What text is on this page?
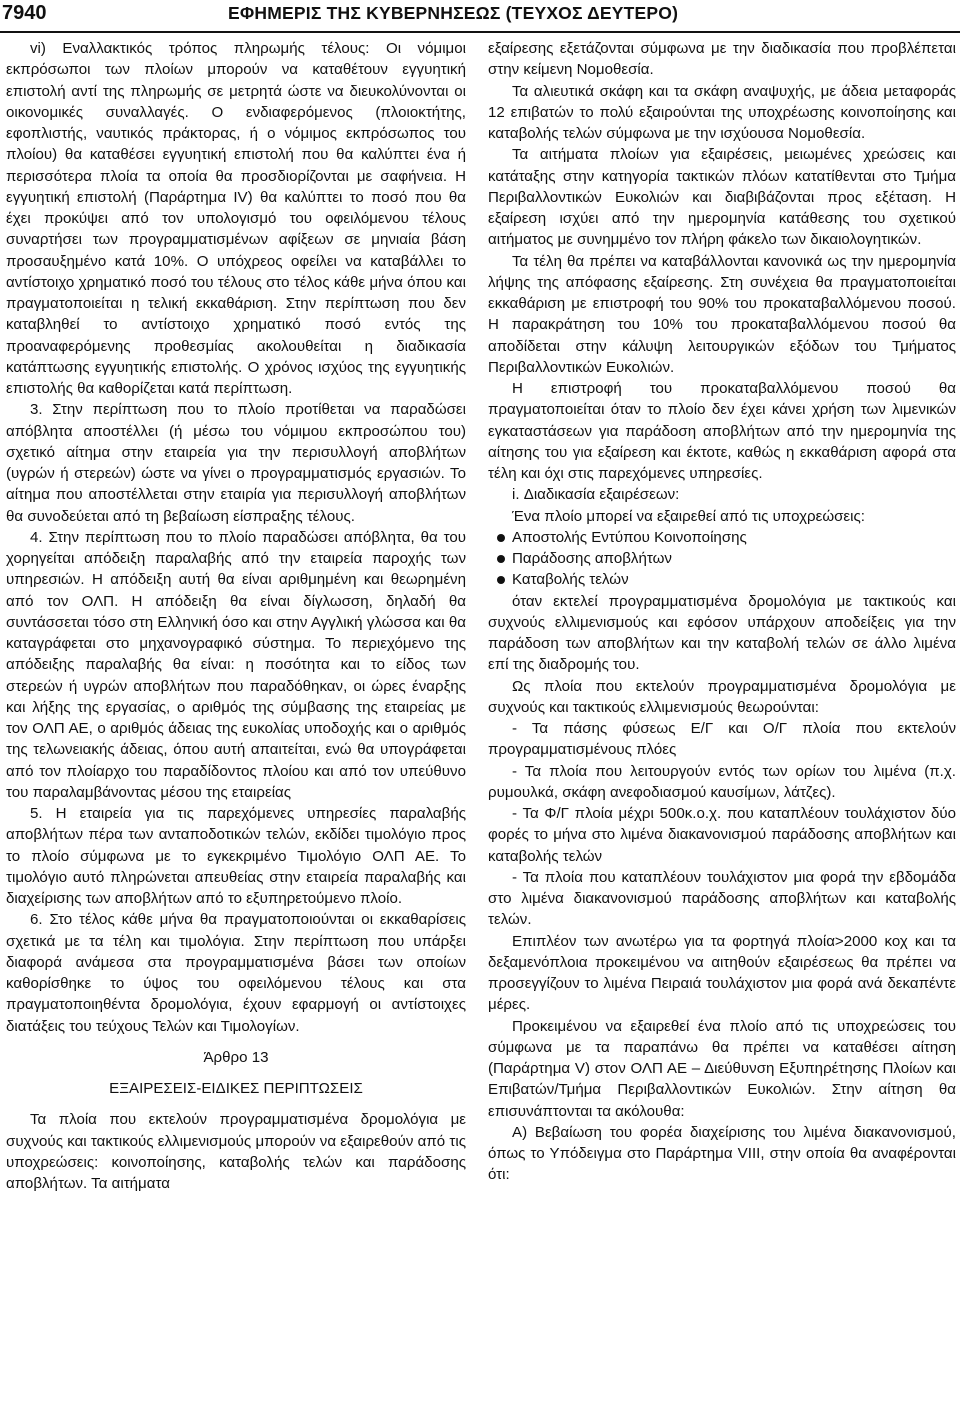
7940	ΕΦΗΜΕΡΙΣ ΤΗΣ ΚΥΒΕΡΝΗΣΕΩΣ (ΤΕΥΧΟΣ ΔΕΥΤΕΡΟ)

vi) Εναλλακτικός τρόπος πληρωμής τέλους: Οι νόμιμοι εκπρόσωποι των πλοίων μπορούν να καταθέτουν εγγυητική επιστολή αντί της πληρωμής σε μετρητά ώστε να διευκολύνονται οι οικονομικές συναλλαγές. Ο ενδιαφερόμενος (πλοιοκτήτης, εφοπλιστής, ναυτικός πράκτορας, ή ο νόμιμος εκπρόσωπος του πλοίου) θα καταθέσει εγγυητική επιστολή που θα καλύπτει ένα ή περισσότερα πλοία τα οποία θα προσδιορίζονται με σαφήνεια. Η εγγυητική επιστολή (Παράρτημα IV) θα καλύπτει το ποσό που θα έχει προκύψει από τον υπολογισμό του οφειλόμενου τέλους συναρτήσει των προγραμματισμένων αφίξεων σε μηνιαία βάση προσαυξημένο κατά 10%. Ο υπόχρεος οφείλει να καταβάλλει το αντίστοιχο χρηματικό ποσό του τέλους στο τέλος κάθε μήνα όπου και πραγματοποιείται η τελική εκκαθάριση. Στην περίπτωση που δεν καταβληθεί το αντίστοιχο χρηματικό ποσό εντός της προαναφερόμενης προθεσμίας ακολουθείται η διαδικασία κατάπτωσης εγγυητικής επιστολής. Ο χρόνος ισχύος της εγγυητικής επιστολής θα καθορίζεται κατά περίπτωση.

3. Στην περίπτωση που το πλοίο προτίθεται να παραδώσει απόβλητα αποστέλλει (ή μέσω του νόμιμου εκπροσώπου του) σχετικό αίτημα στην εταιρεία για την περισυλλογή αποβλήτων (υγρών ή στερεών) ώστε να γίνει ο προγραμματισμός εργασιών. Το αίτημα που αποστέλλεται στην εταιρία για περισυλλογή αποβλήτων θα συνοδεύεται από τη βεβαίωση είσπραξης τέλους.

4. Στην περίπτωση που το πλοίο παραδώσει απόβλητα, θα του χορηγείται απόδειξη παραλαβής από την εταιρεία παροχής των υπηρεσιών. Η απόδειξη αυτή θα είναι αριθμημένη και θεωρημένη από τον ΟΛΠ. Η απόδειξη θα είναι δίγλωσση, δηλαδή θα συντάσσεται τόσο στη Ελληνική όσο και στην Αγγλική γλώσσα και θα καταγράφεται στο μηχανογραφικό σύστημα. Το περιεχόμενο της απόδειξης παραλαβής θα είναι: η ποσότητα και το είδος των στερεών ή υγρών αποβλήτων που παραδόθηκαν, οι ώρες έναρξης και λήξης της εργασίας, ο αριθμός της σύμβασης της εταιρείας με τον ΟΛΠ ΑΕ, ο αριθμός άδειας της ευκολίας υποδοχής και ο αριθμός της τελωνειακής άδειας, όπου αυτή απαιτείται, ενώ θα υπογράφεται από τον πλοίαρχο του παραδίδοντος πλοίου και από τον υπεύθυνο του παραλαμβάνοντας μέσου της εταιρείας

5. Η εταιρεία για τις παρεχόμενες υπηρεσίες παραλαβής αποβλήτων πέρα των ανταποδοτικών τελών, εκδίδει τιμολόγιο προς το πλοίο σύμφωνα με το εγκεκριμένο Τιμολόγιο ΟΛΠ ΑΕ. Το τιμολόγιο αυτό πληρώνεται απευθείας στην εταιρεία παραλαβής και διαχείρισης των αποβλήτων από το εξυπηρετούμενο πλοίο.

6. Στο τέλος κάθε μήνα θα πραγματοποιούνται οι εκκαθαρίσεις σχετικά με τα τέλη και τιμολόγια. Στην περίπτωση που υπάρξει διαφορά ανάμεσα στα προγραμματισμένα βάσει των οποίων καθορίσθηκε το ύψος του οφειλόμενου τέλους και στα πραγματοποιηθέντα δρομολόγια, έχουν εφαρμογή οι αντίστοιχες διατάξεις του τεύχους Τελών και Τιμολογίων.

Άρθρο 13

ΕΞΑΙΡΕΣΕΙΣ-ΕΙΔΙΚΕΣ ΠΕΡΙΠΤΩΣΕΙΣ

Τα πλοία που εκτελούν προγραμματισμένα δρομολόγια με συχνούς και τακτικούς ελλιμενισμούς μπορούν να εξαιρεθούν από τις υποχρεώσεις: κοινοποίησης, καταβολής τελών και παράδοσης αποβλήτων. Τα αιτήματα

εξαίρεσης εξετάζονται σύμφωνα με την διαδικασία που προβλέπεται στην κείμενη Νομοθεσία.

Τα αλιευτικά σκάφη και τα σκάφη αναψυχής, με άδεια μεταφοράς 12 επιβατών το πολύ εξαιρούνται της υποχρέωσης κοινοποίησης και καταβολής τελών σύμφωνα με την ισχύουσα Νομοθεσία.

Τα αιτήματα πλοίων για εξαιρέσεις, μειωμένες χρεώσεις και κατάταξης στην κατηγορία τακτικών πλόων κατατίθενται στο Τμήμα Περιβαλλοντικών Ευκολιών και διαβιβάζονται προς εξέταση. Η εξαίρεση ισχύει από την ημερομηνία κατάθεσης του σχετικού αιτήματος με συνημμένο τον πλήρη φάκελο των δικαιολογητικών.

Τα τέλη θα πρέπει να καταβάλλονται κανονικά ως την ημερομηνία λήψης της απόφασης εξαίρεσης. Στη συνέχεια θα πραγματοποιείται εκκαθάριση με επιστροφή του 90% του προκαταβαλλόμενου ποσού. Η παρακράτηση του 10% του προκαταβαλλόμενου ποσού θα αποδίδεται στην κάλυψη λειτουργικών εξόδων του Τμήματος Περιβαλλοντικών Ευκολιών.

Η επιστροφή του προκαταβαλλόμενου ποσού θα πραγματοποιείται όταν το πλοίο δεν έχει κάνει χρήση των λιμενικών εγκαταστάσεων για παράδοση αποβλήτων από την ημερομηνία της αίτησης του για εξαίρεση και έκτοτε, καθώς η εκκαθάριση αφορά στα τέλη και όχι στις παρεχόμενες υπηρεσίες.

i. Διαδικασία εξαιρέσεων:

Ένα πλοίο μπορεί να εξαιρεθεί από τις υποχρεώσεις:

Αποστολής Εντύπου Κοινοποίησης
Παράδοσης αποβλήτων
Καταβολής τελών

όταν εκτελεί προγραμματισμένα δρομολόγια με τακτικούς και συχνούς ελλιμενισμούς και εφόσον υπάρχουν αποδείξεις για την παράδοση των αποβλήτων και την καταβολή τελών σε άλλο λιμένα επί της διαδρομής του.

Ως πλοία που εκτελούν προγραμματισμένα δρομολόγια με συχνούς και τακτικούς ελλιμενισμούς θεωρούνται:

- Τα πάσης φύσεως Ε/Γ και Ο/Γ πλοία που εκτελούν προγραμματισμένους πλόες

- Τα πλοία που λειτουργούν εντός των ορίων του λιμένα (π.χ. ρυμουλκά, σκάφη ανεφοδιασμού καυσίμων, λάτζες).

- Τα Φ/Γ πλοία μέχρι 500κ.ο.χ. που καταπλέουν τουλάχιστον δύο φορές το μήνα στο λιμένα διακανονισμού παράδοσης αποβλήτων και καταβολής τελών

- Τα πλοία που καταπλέουν τουλάχιστον μια φορά την εβδομάδα στο λιμένα διακανονισμού παράδοσης αποβλήτων και καταβολής τελών.

Επιπλέον των ανωτέρω για τα φορτηγά πλοία>2000 κοχ και τα δεξαμενόπλοια προκειμένου να αιτηθούν εξαιρέσεως θα πρέπει να προσεγγίζουν το λιμένα Πειραιά τουλάχιστον μια φορά ανά δεκαπέντε μέρες.

Προκειμένου να εξαιρεθεί ένα πλοίο από τις υποχρεώσεις του σύμφωνα με τα παραπάνω θα πρέπει να καταθέσει αίτηση (Παράρτημα V) στον ΟΛΠ ΑΕ – Διεύθυνση Εξυπηρέτησης Πλοίων και Επιβατών/Τμήμα Περιβαλλοντικών Ευκολιών. Στην αίτηση θα επισυνάπτονται τα ακόλουθα:

Α) Βεβαίωση του φορέα διαχείρισης του λιμένα διακανονισμού, όπως το Υπόδειγμα στο Παράρτημα VIII, στην οποία θα αναφέρονται ότι:
